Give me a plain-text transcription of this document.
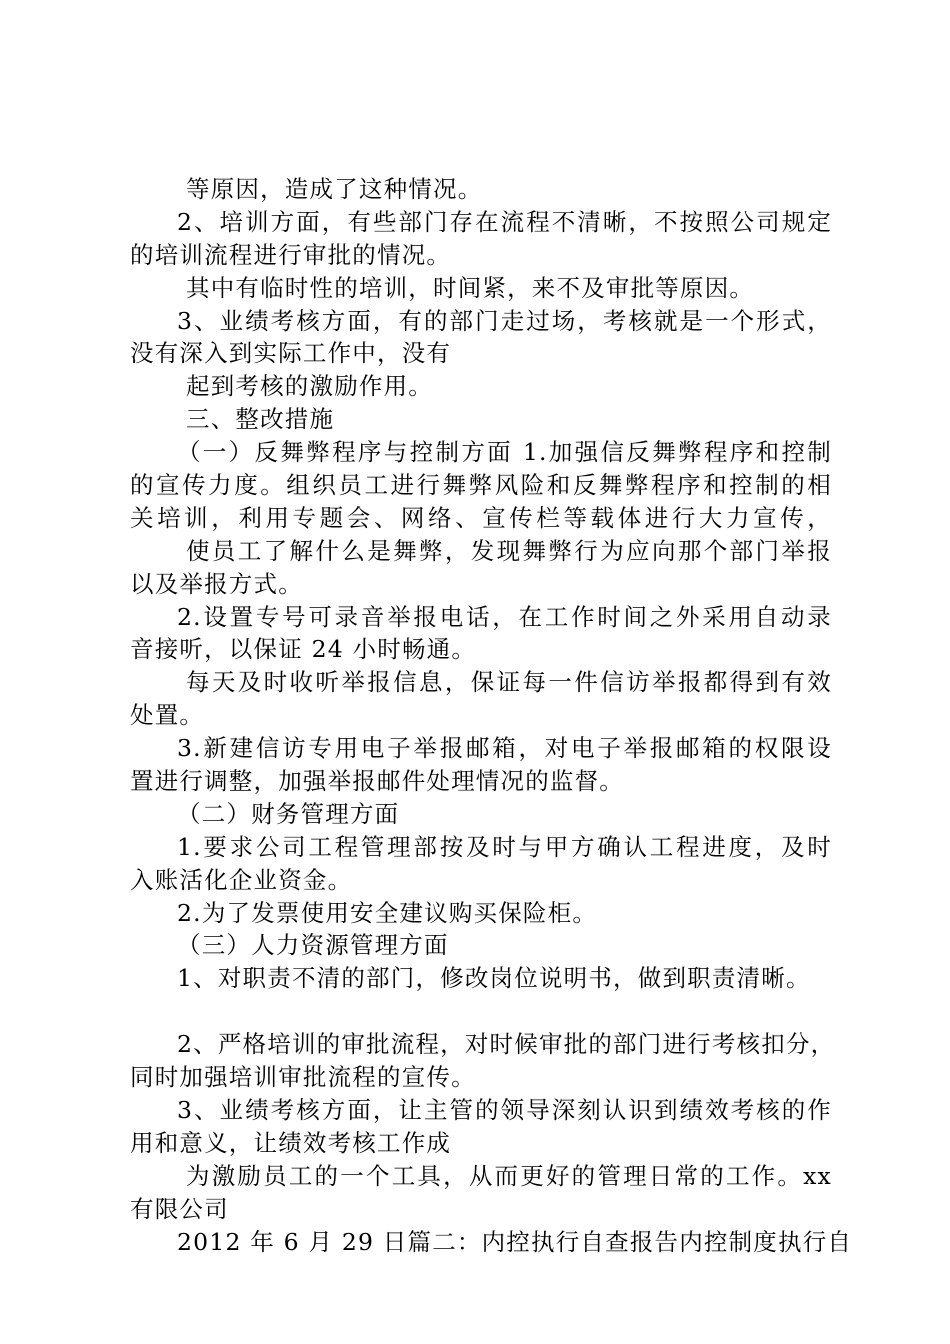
等原因，造成了这种情况。
2、培训方面，有些部门存在流程不清晰，不按照公司规定
的培训流程进行审批的情况。
其中有临时性的培训，时间紧，来不及审批等原因。
3、业绩考核方面，有的部门走过场，考核就是一个形式，
没有深入到实际工作中，没有
起到考核的激励作用。
三、整改措施
（一）反舞弊程序与控制方面 1.加强信反舞弊程序和控制
的宣传力度。组织员工进行舞弊风险和反舞弊程序和控制的相
关培训，利用专题会、网络、宣传栏等载体进行大力宣传，
使员工了解什么是舞弊，发现舞弊行为应向那个部门举报
以及举报方式。
2.设置专号可录音举报电话，在工作时间之外采用自动录
音接听，以保证 24 小时畅通。
每天及时收听举报信息，保证每一件信访举报都得到有效
处置。
3.新建信访专用电子举报邮箱，对电子举报邮箱的权限设
置进行调整，加强举报邮件处理情况的监督。
（二）财务管理方面
1.要求公司工程管理部按及时与甲方确认工程进度，及时
入账活化企业资金。
2.为了发票使用安全建议购买保险柜。
（三）人力资源管理方面
1、对职责不清的部门，修改岗位说明书，做到职责清晰。
2、严格培训的审批流程，对时候审批的部门进行考核扣分，
同时加强培训审批流程的宣传。
3、业绩考核方面，让主管的领导深刻认识到绩效考核的作
用和意义，让绩效考核工作成
为激励员工的一个工具，从而更好的管理日常的工作。xx
有限公司
2012 年 6 月 29 日篇二：内控执行自查报告内控制度执行自
